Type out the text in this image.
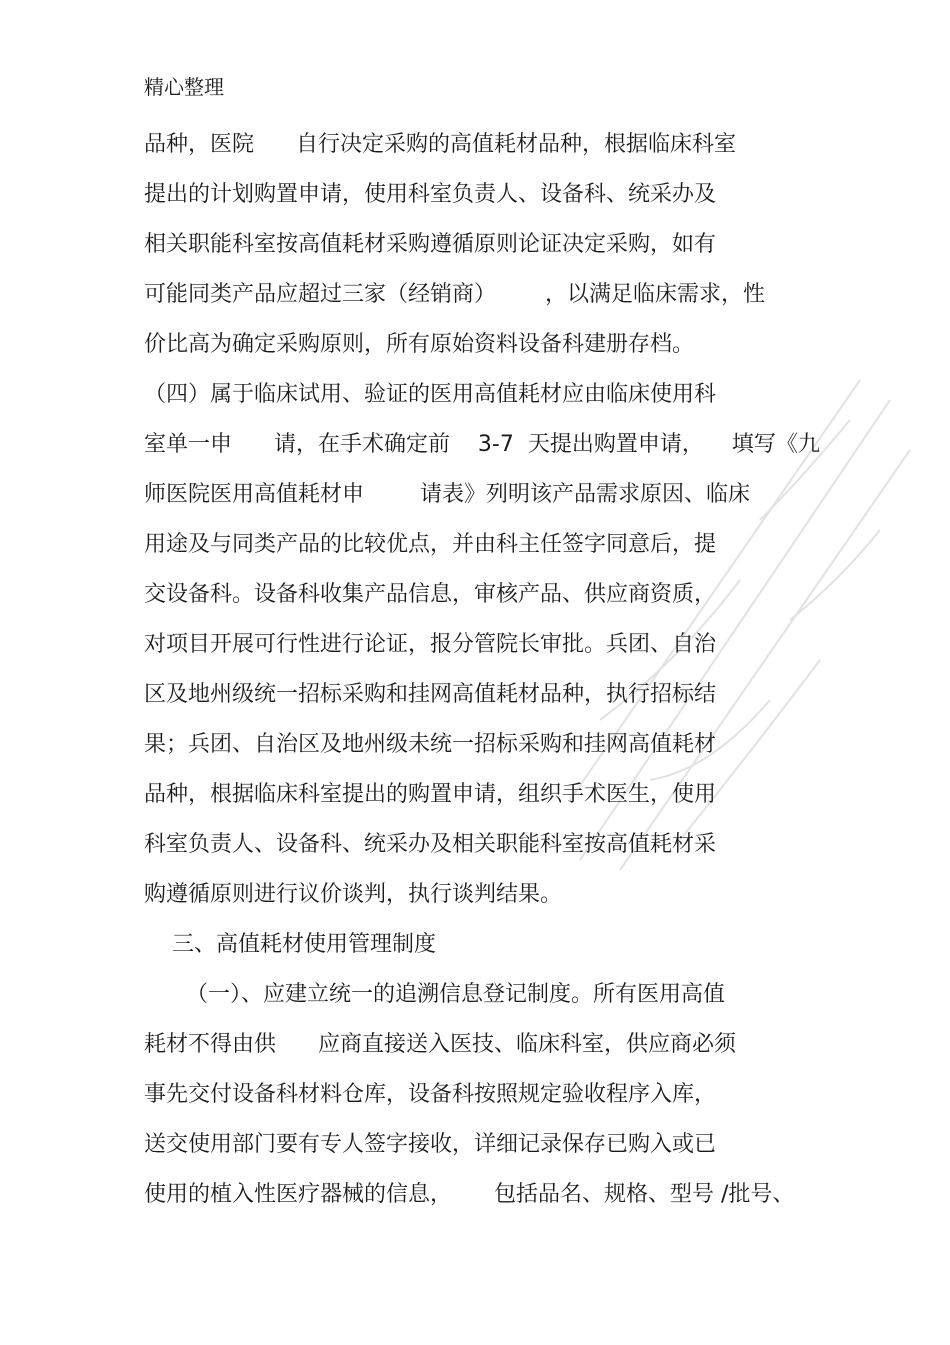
精心整理
品种，医院      自行决定采购的高值耗材品种，根据临床科室
提出的计划购置申请，使用科室负责人、设备科、统采办及
相关职能科室按高值耗材采购遵循原则论证决定采购，如有
可能同类产品应超过三家（经销商）       ，以满足临床需求，性
价比高为确定采购原则，所有原始资料设备科建册存档。
（四）属于临床试用、验证的医用高值耗材应由临床使用科
室单一申      请，在手术确定前    3-7  天提出购置申请，    填写《九
师医院医用高值耗材申        请表》列明该产品需求原因、临床
用途及与同类产品的比较优点，并由科主任签字同意后，提
交设备科。设备科收集产品信息，审核产品、供应商资质，
对项目开展可行性进行论证，报分管院长审批。兵团、自治
区及地州级统一招标采购和挂网高值耗材品种，执行招标结
果；兵团、自治区及地州级未统一招标采购和挂网高值耗材
品种，根据临床科室提出的购置申请，组织手术医生，使用
科室负责人、设备科、统采办及相关职能科室按高值耗材采
购遵循原则进行议价谈判，执行谈判结果。
三、高值耗材使用管理制度
（一）、应建立统一的追溯信息登记制度。所有医用高值
耗材不得由供      应商直接送入医技、临床科室，供应商必须
事先交付设备科材料仓库，设备科按照规定验收程序入库，
送交使用部门要有专人签字接收，详细记录保存已购入或已
使用的植入性医疗器械的信息，      包括品名、规格、型号 /批号、
